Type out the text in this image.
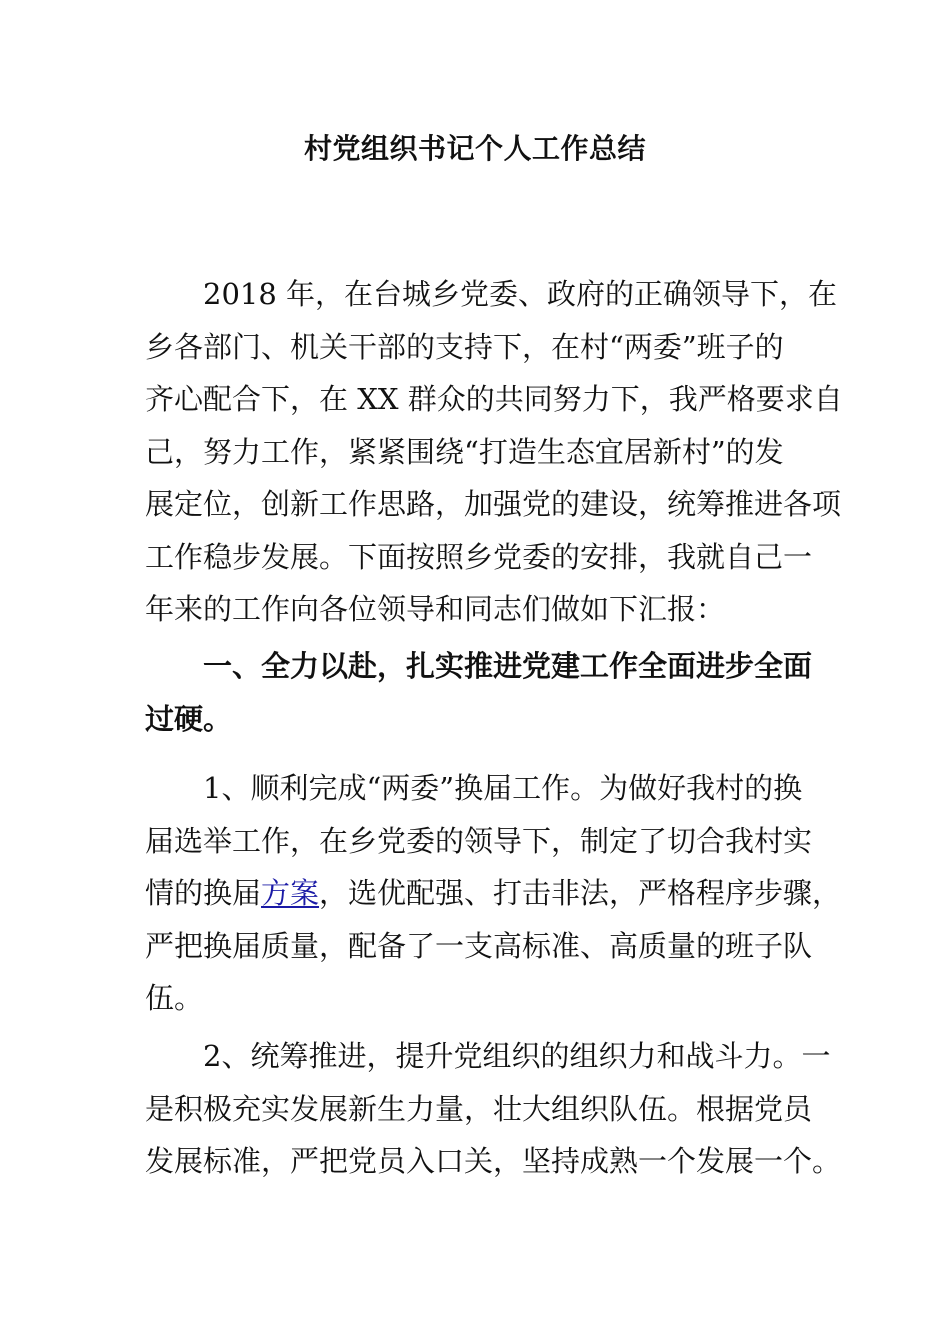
村党组织书记个人工作总结
2018 年，在台城乡党委、政府的正确领导下，在
乡各部门、机关干部的支持下，在村“两委”班子的
齐心配合下，在 XX 群众的共同努力下，我严格要求自
己，努力工作，紧紧围绕“打造生态宜居新村”的发
展定位，创新工作思路，加强党的建设，统筹推进各项
工作稳步发展。下面按照乡党委的安排，我就自己一
年来的工作向各位领导和同志们做如下汇报：
一、全力以赴，扎实推进党建工作全面进步全面
过硬。
1、顺利完成“两委”换届工作。为做好我村的换
届选举工作，在乡党委的领导下，制定了切合我村实
情的换届方案，选优配强、打击非法，严格程序步骤，
严把换届质量，配备了一支高标准、高质量的班子队
伍。
2、统筹推进，提升党组织的组织力和战斗力。一
是积极充实发展新生力量，壮大组织队伍。根据党员
发展标准，严把党员入口关，坚持成熟一个发展一个。
